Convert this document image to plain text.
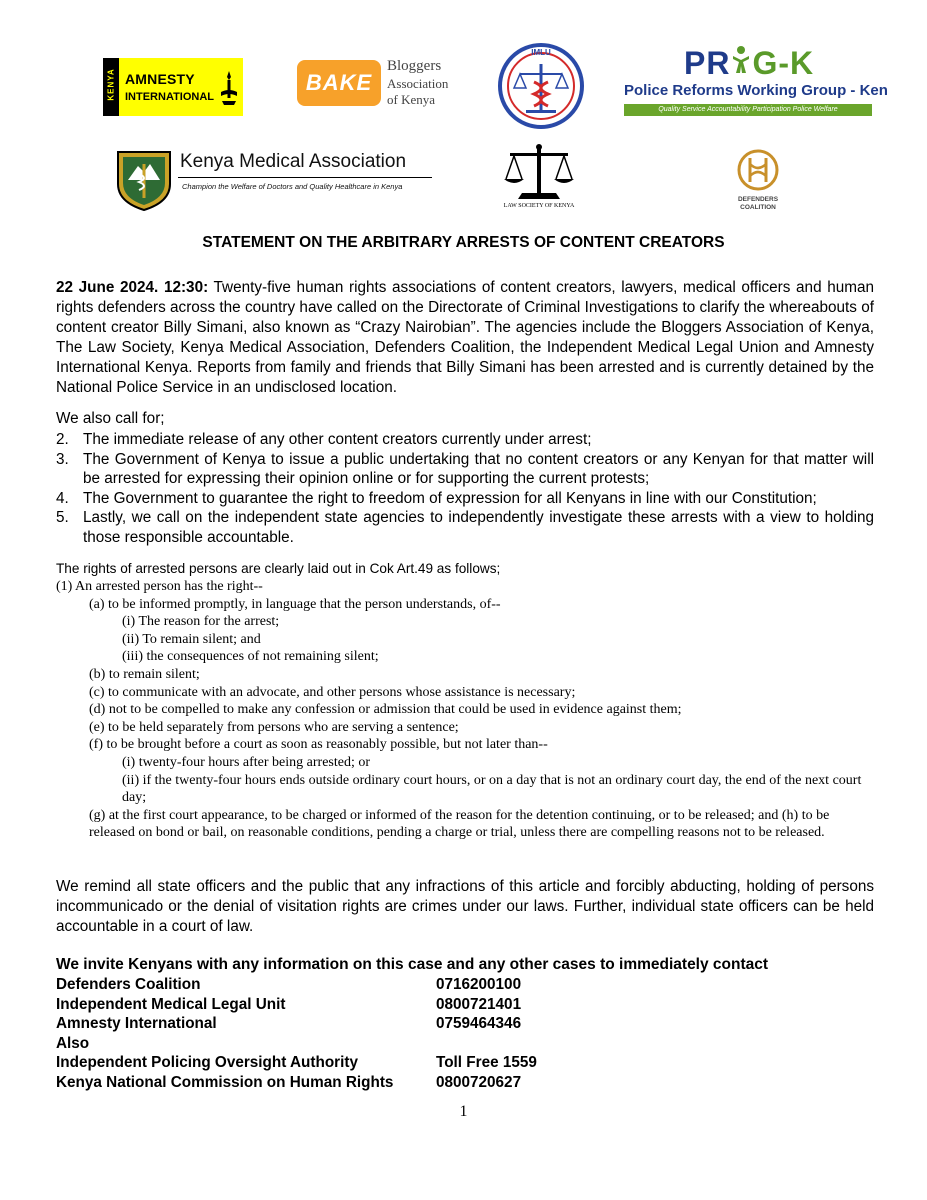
KENYA AMNESTY
INTERNATIONAL
BAKE
Bloggers
Association
of Kenya
IMLU	PR G-K
Police Reforms Working Group - Ken
Quality Service Accountability Participation Police Welfare
Kenya Medical Association
Champion the Welfare of Doctors and Quality Healthcare in Kenya
LAW SOCIETY OF KENYA
DEFENDERS
COALITION
STATEMENT ON THE ARBITRARY ARRESTS OF CONTENT CREATORS

22 June 2024. 12:30: Twenty-five human rights associations of content creators, lawyers, medical officers and human rights defenders across the country have called on the Directorate of Criminal Investigations to clarify the whereabouts of content creator Billy Simani, also known as “Crazy Nairobian”. The agencies include the Bloggers Association of Kenya, The Law Society, Kenya Medical Association, Defenders Coalition, the Independent Medical Legal Union and Amnesty International Kenya. Reports from family and friends that Billy Simani has been arrested and is currently detained by the National Police Service in an undisclosed location.

We also call for;
2. The immediate release of any other content creators currently under arrest;
3. The Government of Kenya to issue a public undertaking that no content creators or any Kenyan for that matter will be arrested for expressing their opinion online or for supporting the current protests;
4. The Government to guarantee the right to freedom of expression for all Kenyans in line with our Constitution;
5. Lastly, we call on the independent state agencies to independently investigate these arrests with a view to holding those responsible accountable.
The rights of arrested persons are clearly laid out in Cok Art.49 as follows;
(1) An arrested person has the right--
(a) to be informed promptly, in language that the person understands, of--
(i) The reason for the arrest;
(ii) To remain silent; and
(iii) the consequences of not remaining silent;
(b) to remain silent;
(c) to communicate with an advocate, and other persons whose assistance is necessary;
(d) not to be compelled to make any confession or admission that could be used in evidence against them;
(e) to be held separately from persons who are serving a sentence;
(f) to be brought before a court as soon as reasonably possible, but not later than--
(i) twenty-four hours after being arrested; or
(ii) if the twenty-four hours ends outside ordinary court hours, or on a day that is not an ordinary court day, the end of the next court day;
(g) at the first court appearance, to be charged or informed of the reason for the detention continuing, or to be released; and (h) to be released on bond or bail, on reasonable conditions, pending a charge or trial, unless there are compelling reasons not to be released.

We remind all state officers and the public that any infractions of this article and forcibly abducting, holding of persons incommunicado or the denial of visitation rights are crimes under our laws. Further, individual state officers can be held accountable in a court of law.

We invite Kenyans with any information on this case and any other cases to immediately contact
Defenders Coalition	0716200100
Independent Medical Legal Unit	0800721401
Amnesty International	0759464346
Also
Independent Policing Oversight Authority	Toll Free 1559
Kenya National Commission on Human Rights	0800720627
1
